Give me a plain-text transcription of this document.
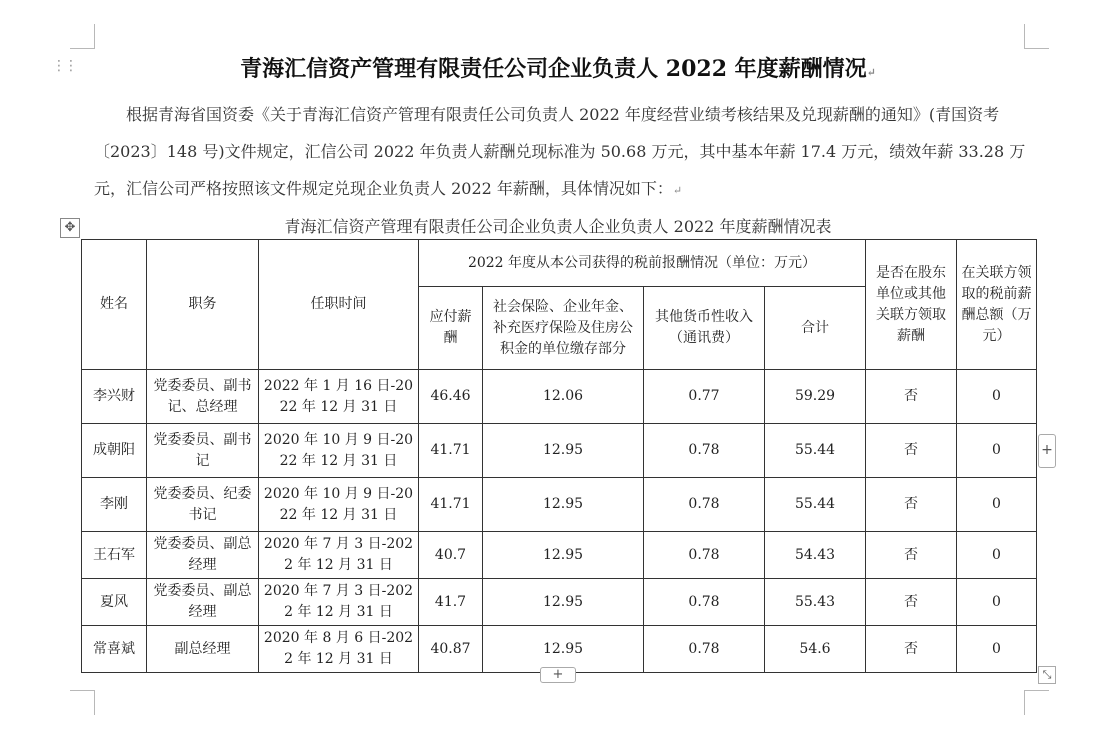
⋮⋮	青海汇信资产管理有限责任公司企业负责人 2022 年度薪酬情况↵

根据青海省国资委《关于青海汇信资产管理有限责任公司负责人 2022 年度经营业绩考核结果及兑现薪酬的通知》(青国资考〔2023〕148 号)文件规定，汇信公司 2022 年负责人薪酬兑现标准为 50.68 万元，其中基本年薪 17.4 万元，绩效年薪 33.28 万元，汇信公司严格按照该文件规定兑现企业负责人 2022 年薪酬，具体情况如下：↵

✥	青海汇信资产管理有限责任公司企业负责人企业负责人 2022 年度薪酬情况表
姓名	职务	任职时间	2022 年度从本公司获得的税前报酬情况（单位：万元）				是否在股东单位或其他关联方领取薪酬	在关联方领取的税前薪酬总额（万元）
			应付薪酬	社会保险、企业年金、补充医疗保险及住房公积金的单位缴存部分	其他货币性收入（通讯费）	合计		
李兴财	党委委员、副书记、总经理	2022 年 1 月 16 日-2022 年 12 月 31 日	46.46	12.06	0.77	59.29	否	0
成朝阳	党委委员、副书记	2020 年 10 月 9 日-2022 年 12 月 31 日	41.71	12.95	0.78	55.44	否	0
李刚	党委委员、纪委书记	2020 年 10 月 9 日-2022 年 12 月 31 日	41.71	12.95	0.78	55.44	否	0
王石军	党委委员、副总经理	2020 年 7 月 3 日-2022 年 12 月 31 日	40.7	12.95	0.78	54.43	否	0
夏风	党委委员、副总经理	2020 年 7 月 3 日-2022 年 12 月 31 日	41.7	12.95	0.78	55.43	否	0
常喜斌	副总经理	2020 年 8 月 6 日-2022 年 12 月 31 日	40.87	12.95	0.78	54.6	否	0
+
+	⤡
